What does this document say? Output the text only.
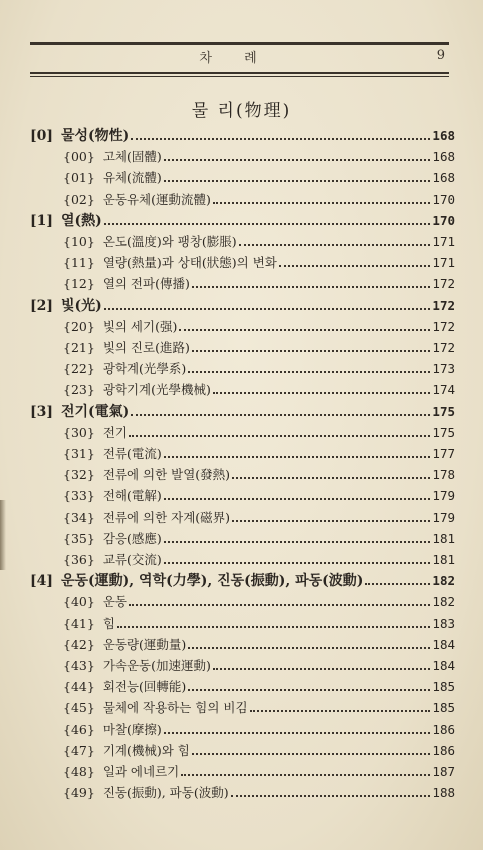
차 례	9
물 리(物理)
[0] 물성(物性)	168
{00} 고체(固體)	168
{01} 유체(流體)	168
{02} 운동유체(運動流體)	170
[1] 열(熱)	170
{10} 온도(溫度)와 팽창(膨脹)	171
{11} 열량(熱量)과 상태(狀態)의 변화	171
{12} 열의 전파(傳播)	172
[2] 빛(光)	172
{20} 빛의 세기(强)	172
{21} 빛의 진로(進路)	172
{22} 광학계(光學系)	173
{23} 광학기계(光學機械)	174
[3] 전기(電氣)	175
{30} 전기	175
{31} 전류(電流)	177
{32} 전류에 의한 발열(發熱)	178
{33} 전해(電解)	179
{34} 전류에 의한 자계(磁界)	179
{35} 감응(感應)	181
{36} 교류(交流)	181
[4] 운동(運動), 역학(力學), 진동(振動), 파동(波動)	182
{40} 운동	182
{41} 힘	183
{42} 운동량(運動量)	184
{43} 가속운동(加速運動)	184
{44} 회전능(回轉能)	185
{45} 물체에 작용하는 힘의 비김	185
{46} 마찰(摩擦)	186
{47} 기계(機械)와 힘	186
{48} 일과 에네르기	187
{49} 진동(振動), 파동(波動)	188
